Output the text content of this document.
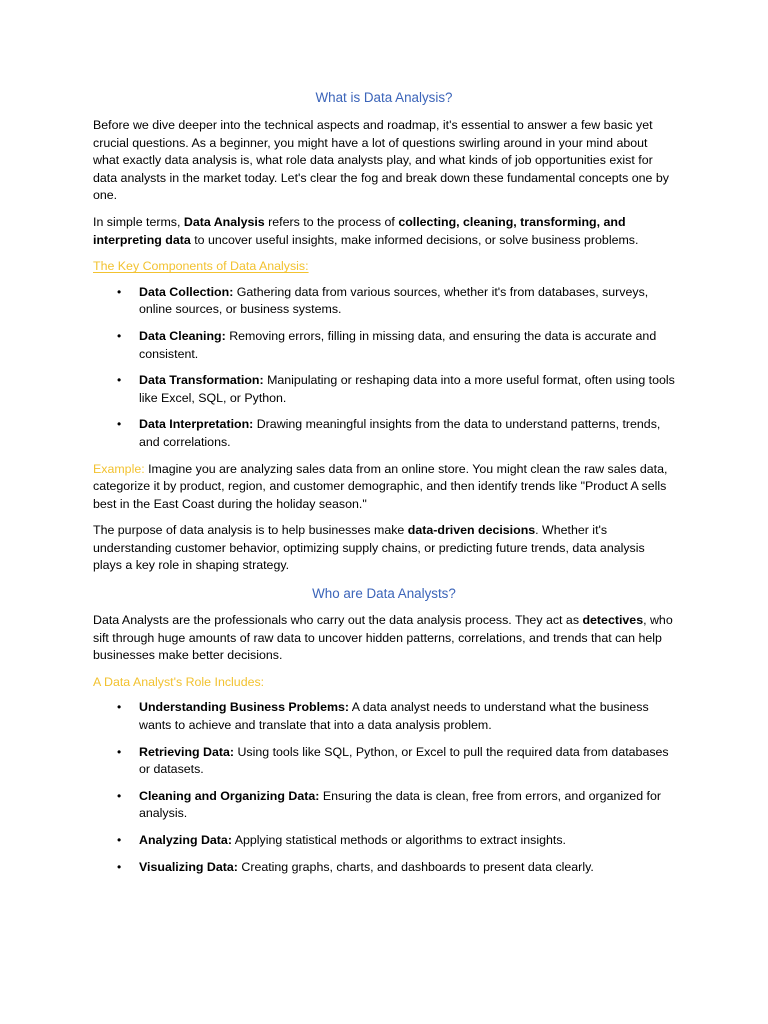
What is Data Analysis?

Before we dive deeper into the technical aspects and roadmap, it's essential to answer a few basic yet crucial questions. As a beginner, you might have a lot of questions swirling around in your mind about what exactly data analysis is, what role data analysts play, and what kinds of job opportunities exist for data analysts in the market today. Let's clear the fog and break down these fundamental concepts one by one.

In simple terms, Data Analysis refers to the process of collecting, cleaning, transforming, and interpreting data to uncover useful insights, make informed decisions, or solve business problems.

The Key Components of Data Analysis:

• Data Collection: Gathering data from various sources, whether it's from databases, surveys, online sources, or business systems.
• Data Cleaning: Removing errors, filling in missing data, and ensuring the data is accurate and consistent.
• Data Transformation: Manipulating or reshaping data into a more useful format, often using tools like Excel, SQL, or Python.
• Data Interpretation: Drawing meaningful insights from the data to understand patterns, trends, and correlations.

Example: Imagine you are analyzing sales data from an online store. You might clean the raw sales data, categorize it by product, region, and customer demographic, and then identify trends like "Product A sells best in the East Coast during the holiday season."

The purpose of data analysis is to help businesses make data-driven decisions. Whether it's understanding customer behavior, optimizing supply chains, or predicting future trends, data analysis plays a key role in shaping strategy.

Who are Data Analysts?

Data Analysts are the professionals who carry out the data analysis process. They act as detectives, who sift through huge amounts of raw data to uncover hidden patterns, correlations, and trends that can help businesses make better decisions.

A Data Analyst's Role Includes:

• Understanding Business Problems: A data analyst needs to understand what the business wants to achieve and translate that into a data analysis problem.
• Retrieving Data: Using tools like SQL, Python, or Excel to pull the required data from databases or datasets.
• Cleaning and Organizing Data: Ensuring the data is clean, free from errors, and organized for analysis.
• Analyzing Data: Applying statistical methods or algorithms to extract insights.
• Visualizing Data: Creating graphs, charts, and dashboards to present data clearly.
